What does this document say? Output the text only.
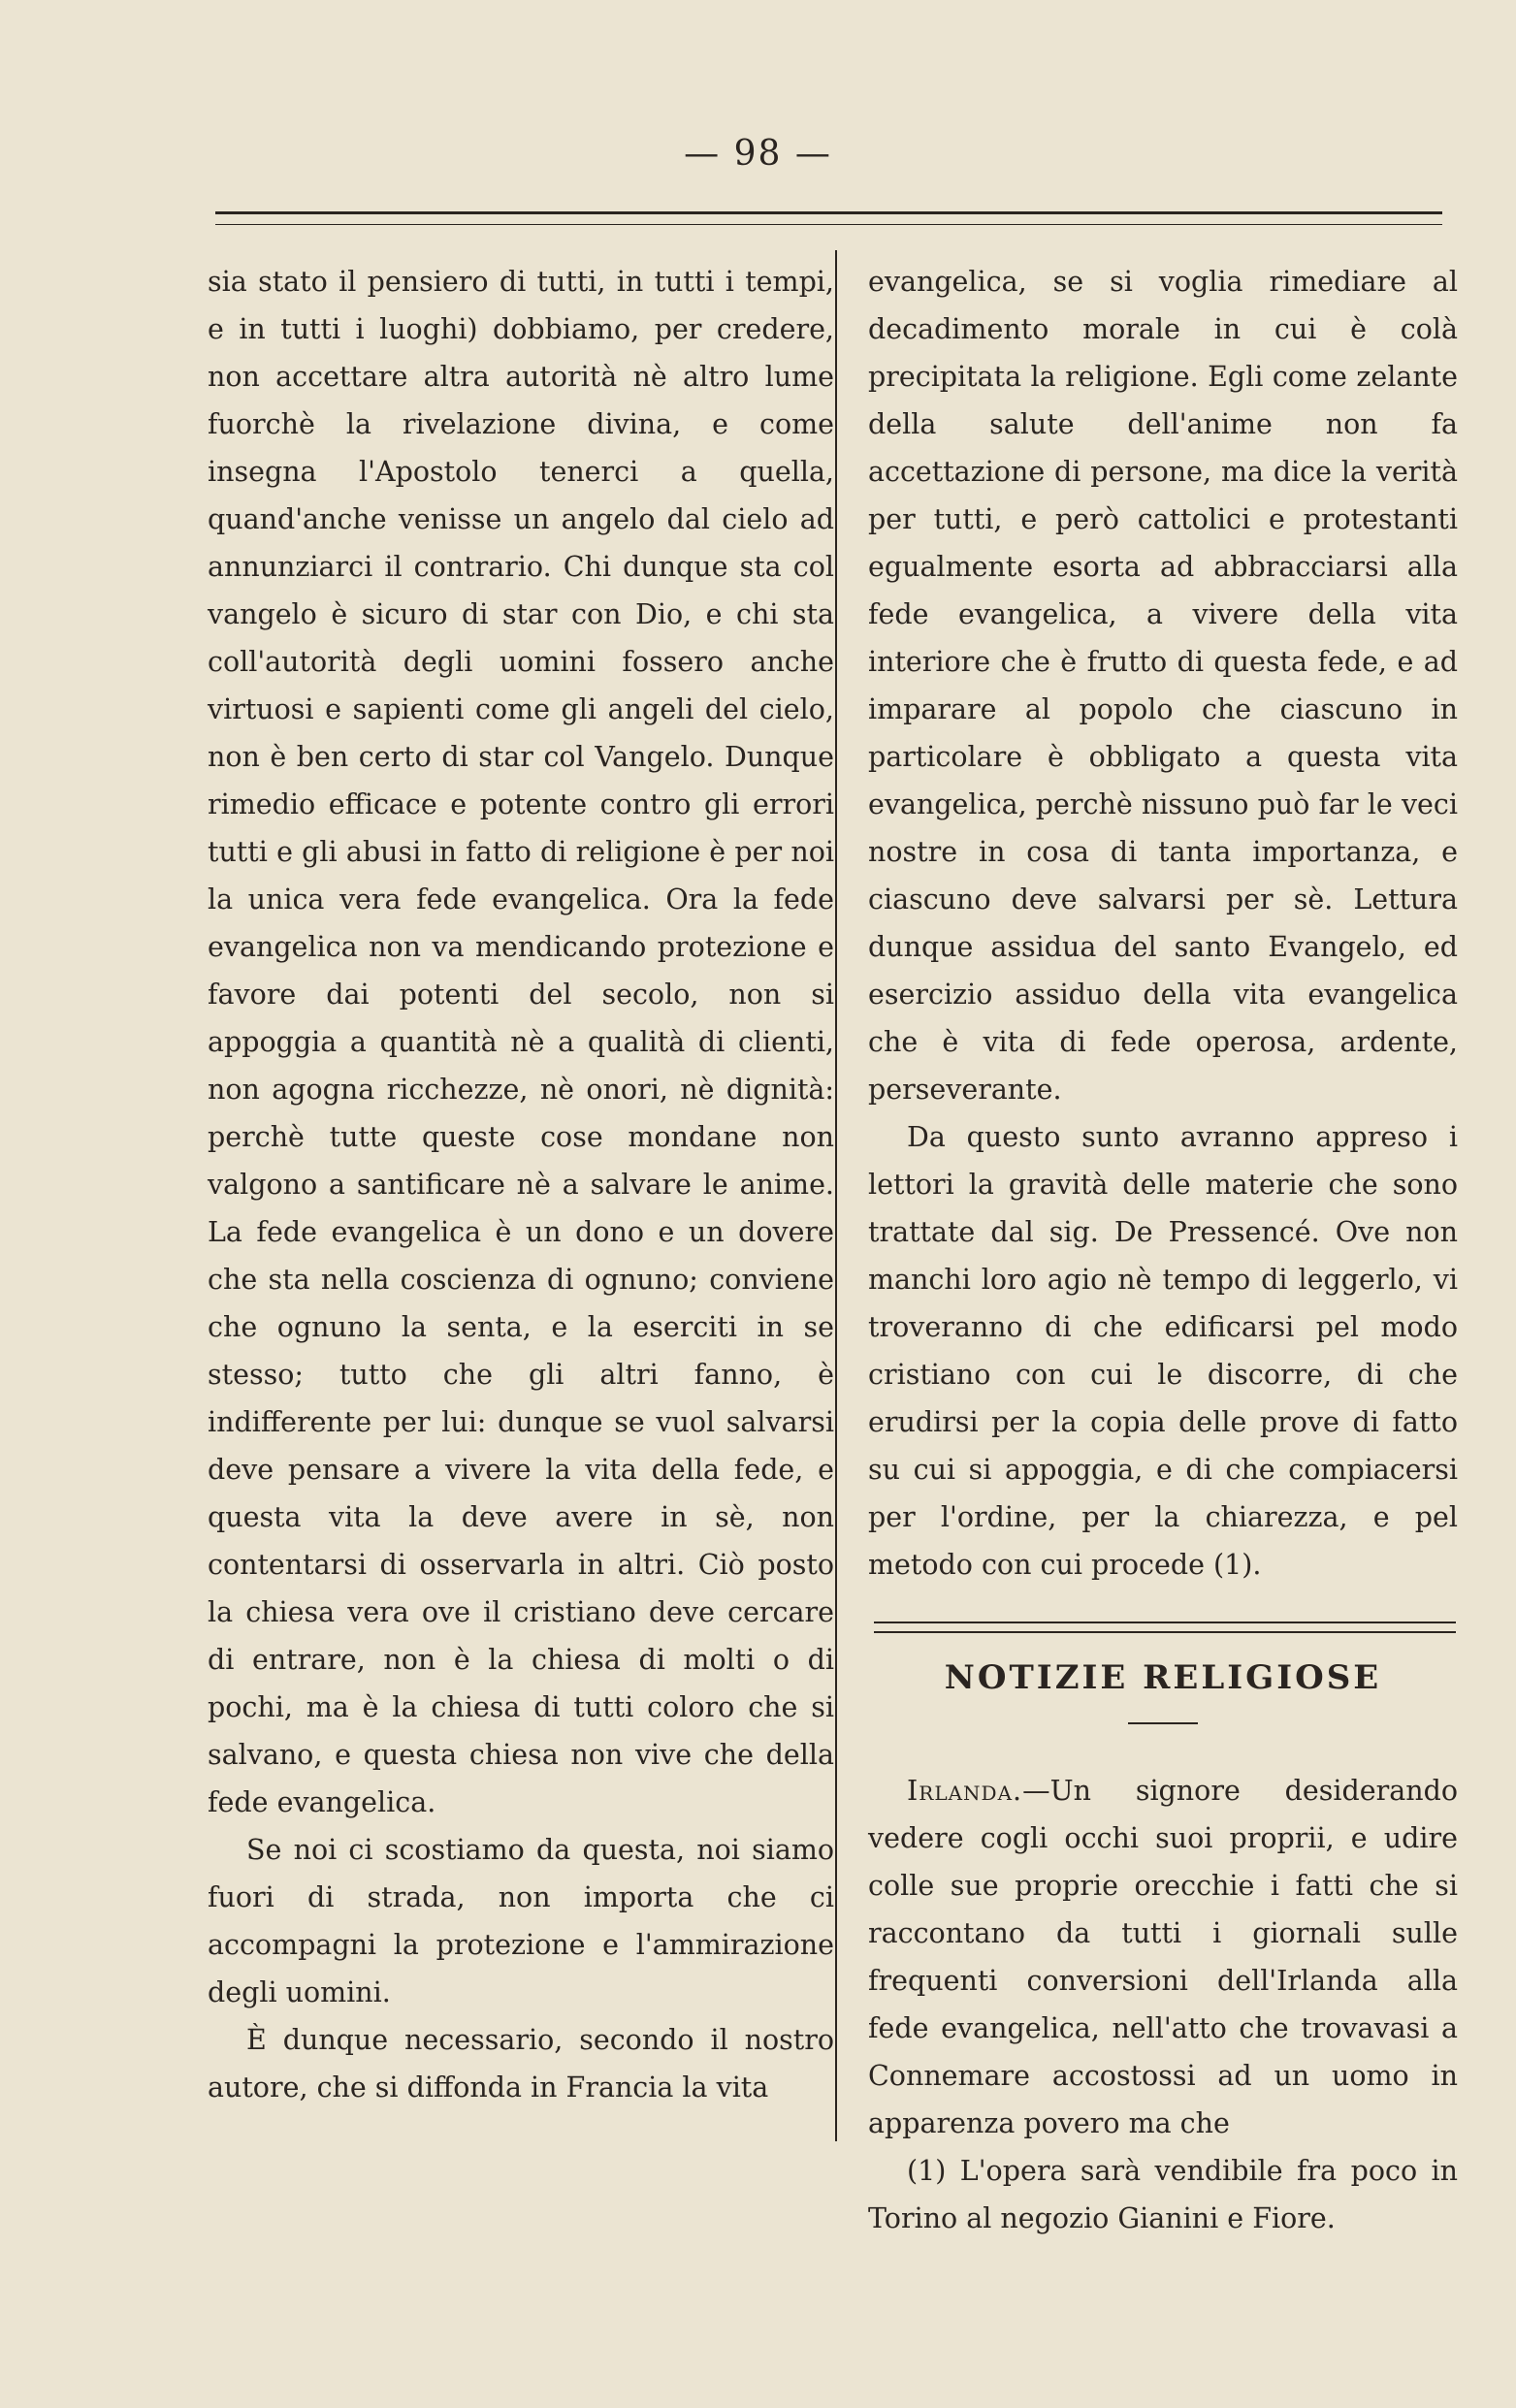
— 98 —

sia stato il pensiero di tutti, in tutti i tempi, e in tutti i luoghi) dobbiamo, per credere, non accettare altra autorità nè altro lume fuorchè la rivelazione divina, e come insegna l'Apostolo tenerci a quella, quand'anche venisse un angelo dal cielo ad annunziarci il contrario. Chi dunque sta col vangelo è sicuro di star con Dio, e chi sta coll'autorità degli uomini fossero anche virtuosi e sapienti come gli angeli del cielo, non è ben certo di star col Vangelo. Dunque rimedio efficace e potente contro gli errori tutti e gli abusi in fatto di religione è per noi la unica vera fede evangelica. Ora la fede evangelica non va mendicando protezione e favore dai potenti del secolo, non si appoggia a quantità nè a qualità di clienti, non agogna ricchezze, nè onori, nè dignità: perchè tutte queste cose mondane non valgono a santificare nè a salvare le anime. La fede evangelica è un dono e un dovere che sta nella coscienza di ognuno; conviene che ognuno la senta, e la eserciti in se stesso; tutto che gli altri fanno, è indifferente per lui: dunque se vuol salvarsi deve pensare a vivere la vita della fede, e questa vita la deve avere in sè, non contentarsi di osservarla in altri. Ciò posto la chiesa vera ove il cristiano deve cercare di entrare, non è la chiesa di molti o di pochi, ma è la chiesa di tutti coloro che si salvano, e questa chiesa non vive che della fede evangelica.

Se noi ci scostiamo da questa, noi siamo fuori di strada, non importa che ci accompagni la protezione e l'ammirazione degli uomini.

È dunque necessario, secondo il nostro autore, che si diffonda in Francia la vita

evangelica, se si voglia rimediare al decadimento morale in cui è colà precipitata la religione. Egli come zelante della salute dell'anime non fa accettazione di persone, ma dice la verità per tutti, e però cattolici e protestanti egualmente esorta ad abbracciarsi alla fede evangelica, a vivere della vita interiore che è frutto di questa fede, e ad imparare al popolo che ciascuno in particolare è obbligato a questa vita evangelica, perchè nissuno può far le veci nostre in cosa di tanta importanza, e ciascuno deve salvarsi per sè. Lettura dunque assidua del santo Evangelo, ed esercizio assiduo della vita evangelica che è vita di fede operosa, ardente, perseverante.

Da questo sunto avranno appreso i lettori la gravità delle materie che sono trattate dal sig. De Pressencé. Ove non manchi loro agio nè tempo di leggerlo, vi troveranno di che edificarsi pel modo cristiano con cui le discorre, di che erudirsi per la copia delle prove di fatto su cui si appoggia, e di che compiacersi per l'ordine, per la chiarezza, e pel metodo con cui procede (1).

NOTIZIE RELIGIOSE

Irlanda.—Un signore desiderando vedere cogli occhi suoi proprii, e udire colle sue proprie orecchie i fatti che si raccontano da tutti i giornali sulle frequenti conversioni dell'Irlanda alla fede evangelica, nell'atto che trovavasi a Connemare accostossi ad un uomo in apparenza povero ma che

(1) L'opera sarà vendibile fra poco in Torino al negozio Gianini e Fiore.
